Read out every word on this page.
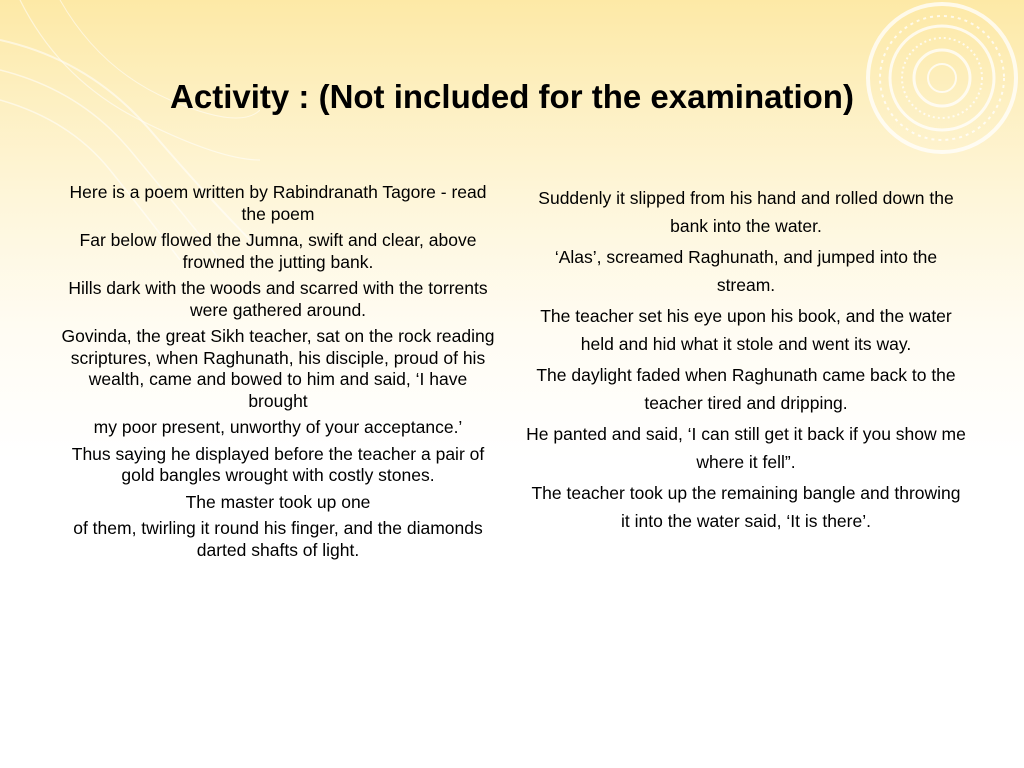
Activity : (Not included for the examination)

Here is a poem written by Rabindranath Tagore - read the poem

Far below flowed the Jumna, swift and clear, above frowned the jutting bank.

Hills dark with the woods and scarred with the torrents were gathered around.

Govinda, the great Sikh teacher, sat on the rock reading scriptures, when Raghunath, his disciple, proud of his wealth, came and bowed to him and said, ‘I have brought

my poor present, unworthy of your acceptance.’

Thus saying he displayed before the teacher a pair of gold bangles wrought with costly stones.

The master took up one

of them, twirling it round his finger, and the diamonds darted shafts of light.

Suddenly it slipped from his hand and rolled down the bank into the water.

‘Alas’, screamed Raghunath, and jumped into the stream.

The teacher set his eye upon his book, and the water held and hid what it stole and went its way.

The daylight faded when Raghunath came back to the teacher tired and dripping.

He panted and said, ‘I can still get it back if you show me where it fell”.

The teacher took up the remaining bangle and throwing it into the water said, ‘It is there’.
